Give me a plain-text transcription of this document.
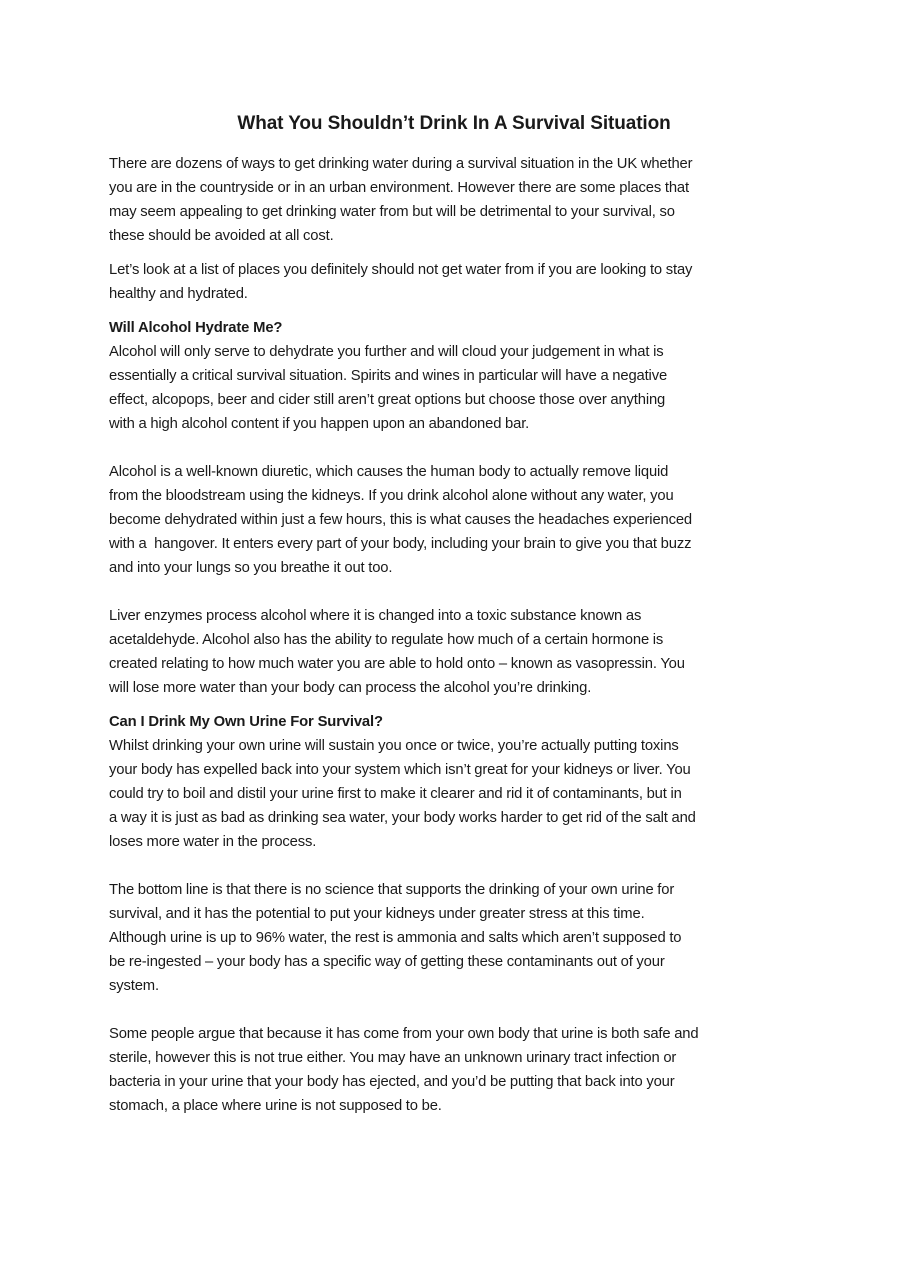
What You Shouldn’t Drink In A Survival Situation

There are dozens of ways to get drinking water during a survival situation in the UK whether
you are in the countryside or in an urban environment. However there are some places that
may seem appealing to get drinking water from but will be detrimental to your survival, so
these should be avoided at all cost.

Let’s look at a list of places you definitely should not get water from if you are looking to stay
healthy and hydrated.

Will Alcohol Hydrate Me?

Alcohol will only serve to dehydrate you further and will cloud your judgement in what is
essentially a critical survival situation. Spirits and wines in particular will have a negative
effect, alcopops, beer and cider still aren’t great options but choose those over anything
with a high alcohol content if you happen upon an abandoned bar.

Alcohol is a well-known diuretic, which causes the human body to actually remove liquid
from the bloodstream using the kidneys. If you drink alcohol alone without any water, you
become dehydrated within just a few hours, this is what causes the headaches experienced
with a  hangover. It enters every part of your body, including your brain to give you that buzz
and into your lungs so you breathe it out too.

Liver enzymes process alcohol where it is changed into a toxic substance known as
acetaldehyde. Alcohol also has the ability to regulate how much of a certain hormone is
created relating to how much water you are able to hold onto – known as vasopressin. You
will lose more water than your body can process the alcohol you’re drinking.

Can I Drink My Own Urine For Survival?

Whilst drinking your own urine will sustain you once or twice, you’re actually putting toxins
your body has expelled back into your system which isn’t great for your kidneys or liver. You
could try to boil and distil your urine first to make it clearer and rid it of contaminants, but in
a way it is just as bad as drinking sea water, your body works harder to get rid of the salt and
loses more water in the process.

The bottom line is that there is no science that supports the drinking of your own urine for
survival, and it has the potential to put your kidneys under greater stress at this time.
Although urine is up to 96% water, the rest is ammonia and salts which aren’t supposed to
be re-ingested – your body has a specific way of getting these contaminants out of your
system.

Some people argue that because it has come from your own body that urine is both safe and
sterile, however this is not true either. You may have an unknown urinary tract infection or
bacteria in your urine that your body has ejected, and you’d be putting that back into your
stomach, a place where urine is not supposed to be.
